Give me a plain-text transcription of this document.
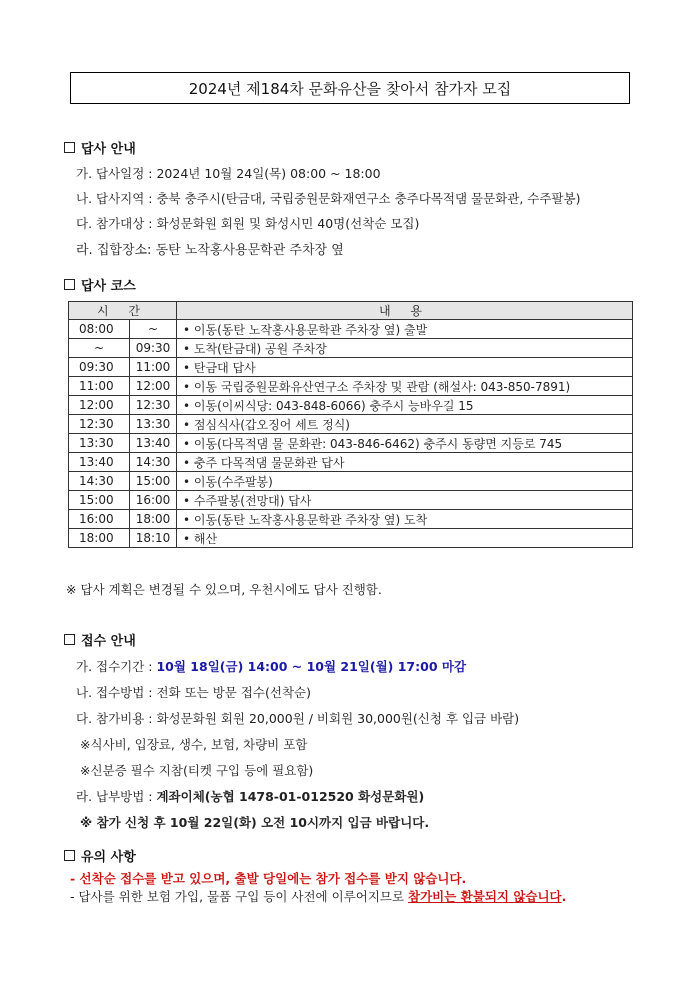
2024년 제184차 문화유산을 찾아서 참가자 모집
답사 안내
가. 답사일정 : 2024년 10월 24일(목) 08:00 ~ 18:00
나. 답사지역 : 충북 충주시(탄금대, 국립중원문화재연구소 충주다목적댐 물문화관, 수주팔봉)
다. 참가대상 : 화성문화원 회원 및 화성시민 40명(선착순 모집)
라. 집합장소: 동탄 노작홍사용문학관 주차장 옆
답사 코스
시 간		내 용
08:00	~	• 이동(동탄 노작홍사용문학관 주차장 옆) 출발
~	09:30	• 도착(탄금대) 공원 주차장
09:30	11:00	• 탄금대 답사
11:00	12:00	• 이동 국립중원문화유산연구소 주차장 및 관람 (해설사: 043-850-7891)
12:00	12:30	• 이동(이씨식당: 043-848-6066) 충주시 능바우길 15
12:30	13:30	• 점심식사(갑오징어 세트 정식)
13:30	13:40	• 이동(다목적댐 물 문화관: 043-846-6462) 충주시 동량면 지등로 745
13:40	14:30	• 충주 다목적댐 물문화관 답사
14:30	15:00	• 이동(수주팔봉)
15:00	16:00	• 수주팔봉(전망대) 답사
16:00	18:00	• 이동(동탄 노작홍사용문학관 주차장 옆) 도착
18:00	18:10	• 해산
※ 답사 계획은 변경될 수 있으며, 우천시에도 답사 진행함.
접수 안내
가. 접수기간 : 10월 18일(금) 14:00 ~ 10월 21일(월) 17:00 마감
나. 접수방법 : 전화 또는 방문 접수(선착순)
다. 참가비용 : 화성문화원 회원 20,000원 / 비회원 30,000원(신청 후 입금 바람)
※식사비, 입장료, 생수, 보험, 차량비 포함
※신분증 필수 지참(티켓 구입 등에 필요함)
라. 납부방법 : 계좌이체(농협 1478-01-012520 화성문화원)
※ 참가 신청 후 10월 22일(화) 오전 10시까지 입금 바랍니다.
유의 사항
- 선착순 접수를 받고 있으며, 출발 당일에는 참가 접수를 받지 않습니다.
- 답사를 위한 보험 가입, 물품 구입 등이 사전에 이루어지므로 참가비는 환불되지 않습니다.
